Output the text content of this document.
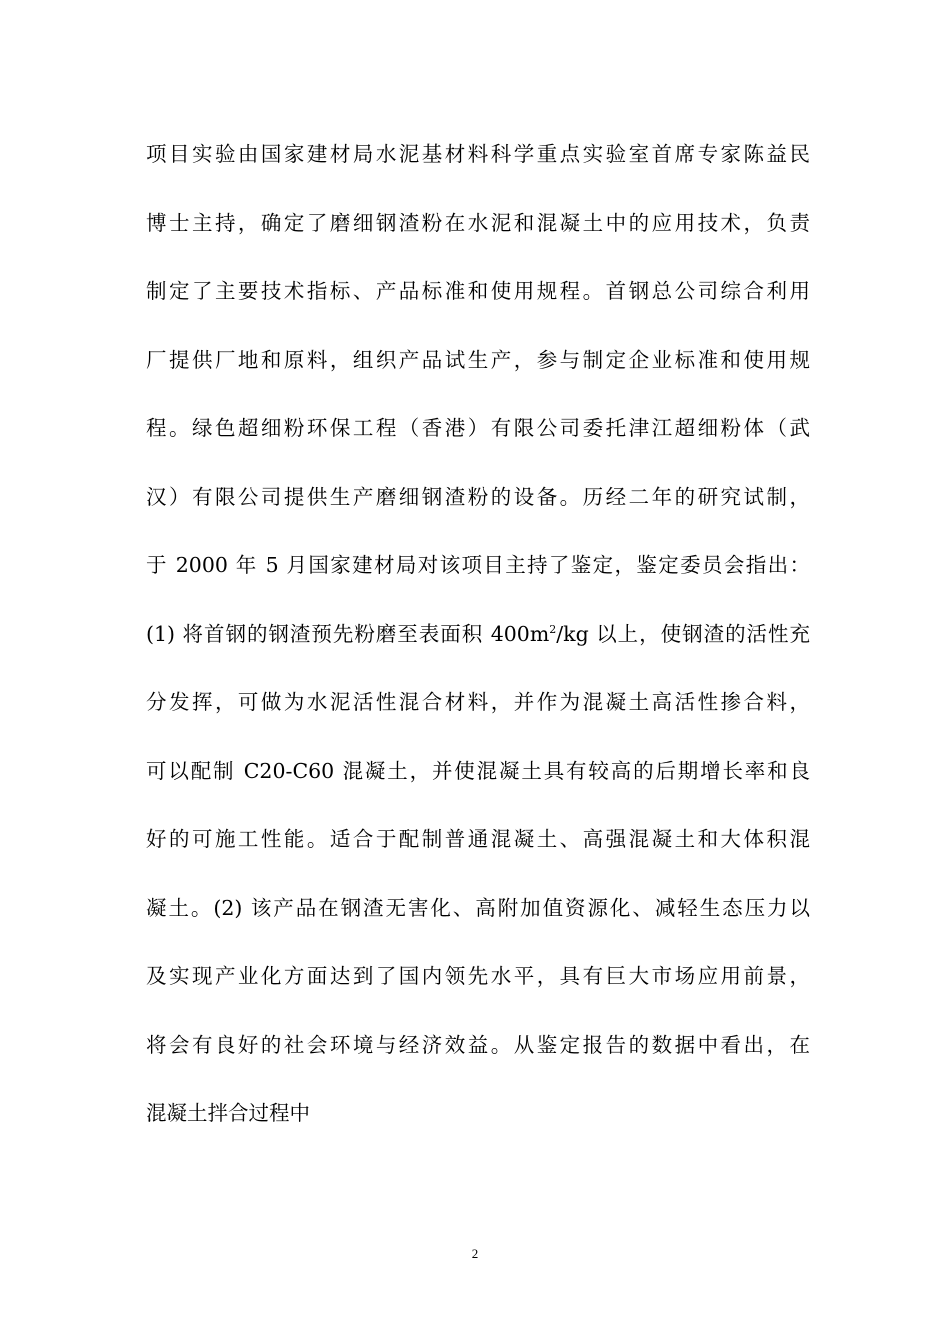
项目实验由国家建材局水泥基材料科学重点实验室首席专家陈益民
博士主持，确定了磨细钢渣粉在水泥和混凝土中的应用技术，负责
制定了主要技术指标、产品标准和使用规程。首钢总公司综合利用
厂提供厂地和原料，组织产品试生产，参与制定企业标准和使用规
程。绿色超细粉环保工程（香港）有限公司委托津江超细粉体（武
汉）有限公司提供生产磨细钢渣粉的设备。历经二年的研究试制，
于 2000 年 5 月国家建材局对该项目主持了鉴定，鉴定委员会指出：
(1) 将首钢的钢渣预先粉磨至表面积 $400m^2/kg$ 以上，使钢渣的活性充
分发挥，可做为水泥活性混合材料，并作为混凝土高活性掺合料，
可以配制 C20-C60 混凝土，并使混凝土具有较高的后期增长率和良
好的可施工性能。适合于配制普通混凝土、高强混凝土和大体积混
凝土。(2) 该产品在钢渣无害化、高附加值资源化、减轻生态压力以
及实现产业化方面达到了国内领先水平，具有巨大市场应用前景，
将会有良好的社会环境与经济效益。从鉴定报告的数据中看出，在
混凝土拌合过程中
2
